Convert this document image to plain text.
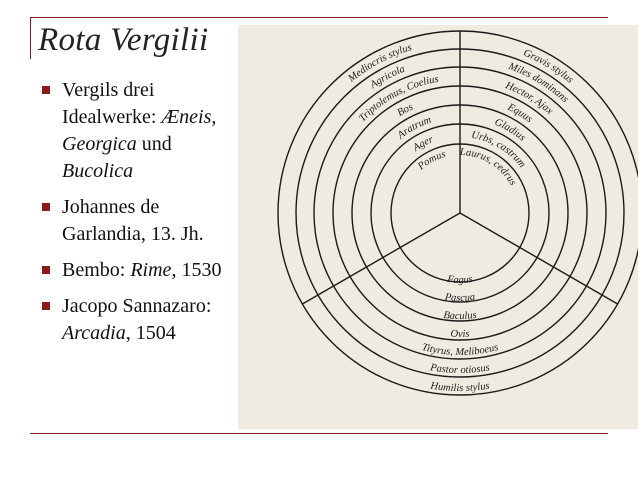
Rota Vergilii
Vergils drei Idealwerke: Æneis, Georgica und Bucolica
Johannes de Garlandia, 13. Jh.
Bembo: Rime, 1530
Jacopo Sannazaro: Arcadia, 1504
Mediocris stylus
Agricola
Triptolemus, Coelius
Bos
Aratrum
Ager
Pomus
Gravis stylus
Miles dominans
Hector, Ajax
Equus
Gladius
Urbs, castrum
Laurus, cedrus
Fagus
Pascua
Baculus
Ovis
Tityrus, Meliboeus
Pastor otiosus
Humilis stylus
